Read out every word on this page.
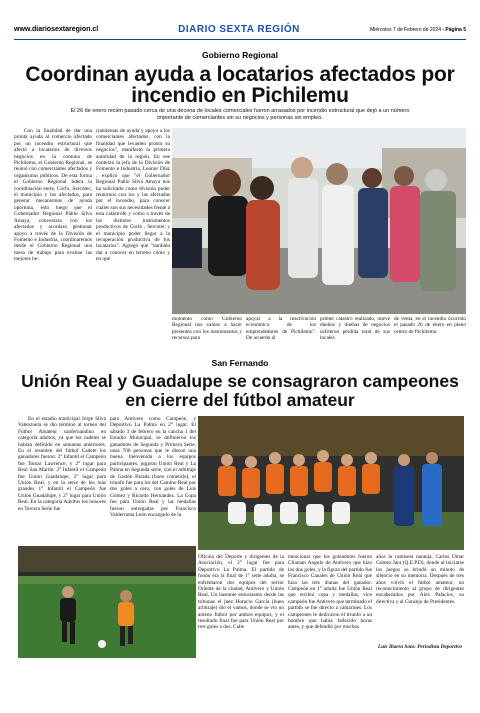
www.diariosextaregion.cl	DIARIO SEXTA REGIÓN	Miércoles 7 de Febrero de 2024 - Página 5
Gobierno Regional
Coordinan ayuda a locatarios afectados por incendio en Pichilemu
El 26 de enero recién pasado cerca de una decena de locales comerciales fueron arrasados por incendio estructural que dejó a un número importante de comerciantes sin su negocios y personas sin empleo.

Con la finalidad de dar una pronta ayuda al comercio afectado por un incendio estructural que afectó a locatarios de diversos negocios en la comuna de Pichilemu, el Gobierno Regional, se reunió con comerciantes afectados y organismos públicos. De esta forma el Gobierno Regional lidera la coordinación entre, Corfo, Sercotec, el municipio y los afectados, para generar mecanismos de ayuda oportuna, esto luego que el Gobernador Regional Pablo Silva Amaya, conversara con los afectados y acordara gestionar apoyo a través de la División de Fomento e Industria, coordinaremos desde el Gobierno Regional una mesa de trabajo para evaluar las mejores he-

rramientas de ayuda y apoyo a los comerciantes afectados, con la finalidad que levanten pronto su negocios", manifestó la primera autoridad de la región. En ese contexto la jefa de la División de Fomento e Industria, Leonor Díaz , explicó que "el Gobernador Regional Pablo Silva Amaya nos ha solicitado como división poder reunirnos con los y las afectadas por el incendio, para conocer cuáles son sus necesidades frente a esta catástrofe y como a través de los distintos instrumentos productivos de Corfo , Sercotec y el municipio poder llegar a la recuperación productiva de los locatarios". Agregó que "también dar a conocer en terreno cómo y en qué

momento como Gobierno Regional nos vamos a hacer presentes con los instrumentos y recursos para

apoyar a la reactivación económica de los emprendedores de Pichilemu". De acuerdo al

primer catastro realizado, nueve dueños y dueñas de negocios sufrieron pérdida total de sus locales

de venta, en el incendio ocurrido el pasado 26 de enero en pleno centro de Pichilemu.

San Fernando
Unión Real y Guadalupe se consagraron campeones en cierre del fútbol amateur

En el estadio municipal Jorge Silva Valenzuela se dio término al torneo del Fútbol Amateur sanfernandino en categoría adultos, ya que los cadetes se habían definido en semanas anteriores. En el resumen del fútbol Cadete los ganadores fueron: 3° Infantil el Campeón fue Tomas Lawrence, y 2° lugar para Real San Martín. 2° Infantil el Campeón fue Unión Guadalupe, 2° lugar para Unión Real, y en la serie de los más grandes 1° Infantil el Campeón fue Unión Guadalupe, y 2° lugar para Unión Real. En la categoría Adultos los honores en Tercera Serie fue

para Antivero como Campeón, y Deportivo La Palma en 2° lugar. El sábado 3 de febrero en la cancha 1 del Estadio Municipal, se definieron los ganadores de Segunda y Primera Serie, unas 700 personas que le dieron una buena bienvenida a los equipos participantes, jugaron Unión Real y La Palma en Segunda serie, con el arbitraje de Gastón Parada (buen cometido), el triunfo fue para los del Camino Real por dos goles a cero, con goles de Luis Gómez y Ricardo Hernández. La Copa fue para Unión Real y las medallas fueron entregadas por Francisco Valderrama León encargado de la

Oficina del Deporte y dirigentes de la Asociación, el 2° lugar fue para Deportivo La Palma. El partido de fondo era la final de 1° serie adulta, se enfrentaron dos equipos del sector Oriente de la ciudad, Antivero y Unión Real. Un bastante entusiasmo desde las tribunas el juez Horacio García (buen arbitraje) dio el vamos, donde se vio un ameno fútbol por ambos equipos, y el resultado final fue para Unión Real por tres goles a dos. Cabe

mencionar que los goleadores fueron Cliaman Angulo de Antivero que hizo los dos goles, y la figura del partido fue Francisco Canales de Unión Real que hizo las tres dianas del ganador. Campeón en 1° adulta fue Unión Real que recibió copa y medallas, vice campeón fue Antivero que terminado el partido se fue directo a camarines. Los campeones le dedicaron el triunfo a un hombre que había fallecido horas antes, y que defendió por muchos

años la camiseta naranja, Carlos Omar Gómez Jara (Q.E.P.D), donde al iniciarse los juegos se brindó un minuto de silencio en su memoria. Después de tres años volvió el fútbol amateur, un reconocimiento al grupo de dirigentes encabezados por Alex Palacios, su directiva y al Consejo de Presidentes.

Luis Ibarra Soto: Periodista Deportivo
